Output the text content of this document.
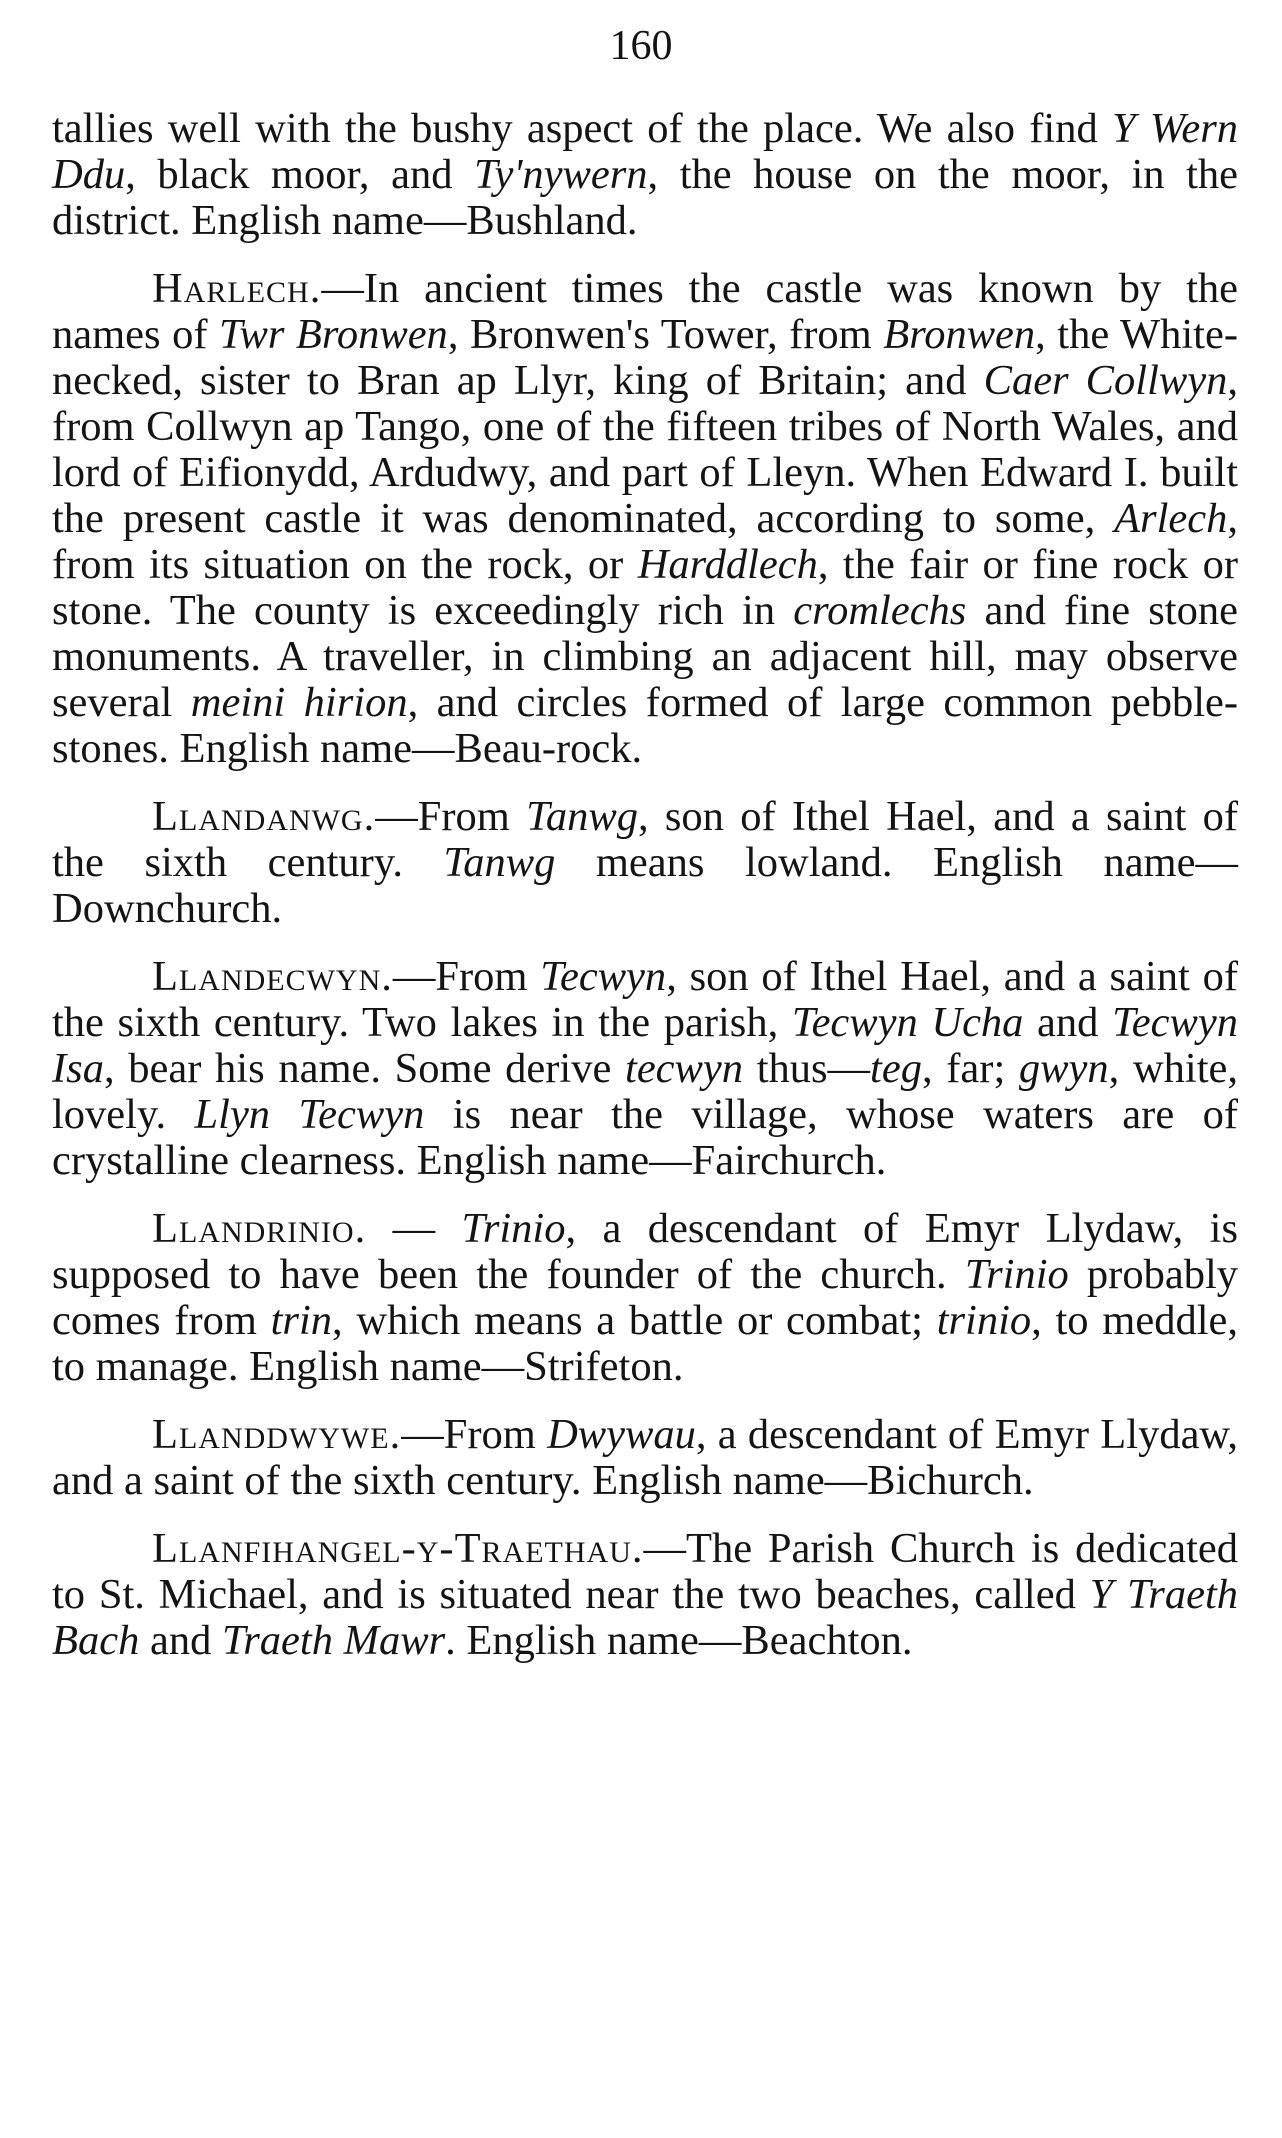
160

tallies well with the bushy aspect of the place. We also find Y Wern Ddu, black moor, and Ty'nywern, the house on the moor, in the district. English name—Bushland.

Harlech.—In ancient times the castle was known by the names of Twr Bronwen, Bronwen's Tower, from Bronwen, the White-necked, sister to Bran ap Llyr, king of Britain; and Caer Collwyn, from Collwyn ap Tango, one of the fifteen tribes of North Wales, and lord of Eifionydd, Ardudwy, and part of Lleyn. When Edward I. built the present castle it was denominated, according to some, Arlech, from its situation on the rock, or Harddlech, the fair or fine rock or stone. The county is exceedingly rich in cromlechs and fine stone monuments. A traveller, in climbing an adjacent hill, may observe several meini hirion, and circles formed of large common pebble-stones. English name—Beau-rock.

Llandanwg.—From Tanwg, son of Ithel Hael, and a saint of the sixth century. Tanwg means lowland. English name—Downchurch.

Llandecwyn.—From Tecwyn, son of Ithel Hael, and a saint of the sixth century. Two lakes in the parish, Tecwyn Ucha and Tecwyn Isa, bear his name. Some derive tecwyn thus—teg, far; gwyn, white, lovely. Llyn Tecwyn is near the village, whose waters are of crystalline clearness. English name—Fairchurch.

Llandrinio. — Trinio, a descendant of Emyr Llydaw, is supposed to have been the founder of the church. Trinio probably comes from trin, which means a battle or combat; trinio, to meddle, to manage. English name—Strifeton.

Llanddwywe.—From Dwywau, a descendant of Emyr Llydaw, and a saint of the sixth century. English name—Bichurch.

Llanfihangel-y-Traethau.—The Parish Church is dedicated to St. Michael, and is situated near the two beaches, called Y Traeth Bach and Traeth Mawr. English name—Beachton.
